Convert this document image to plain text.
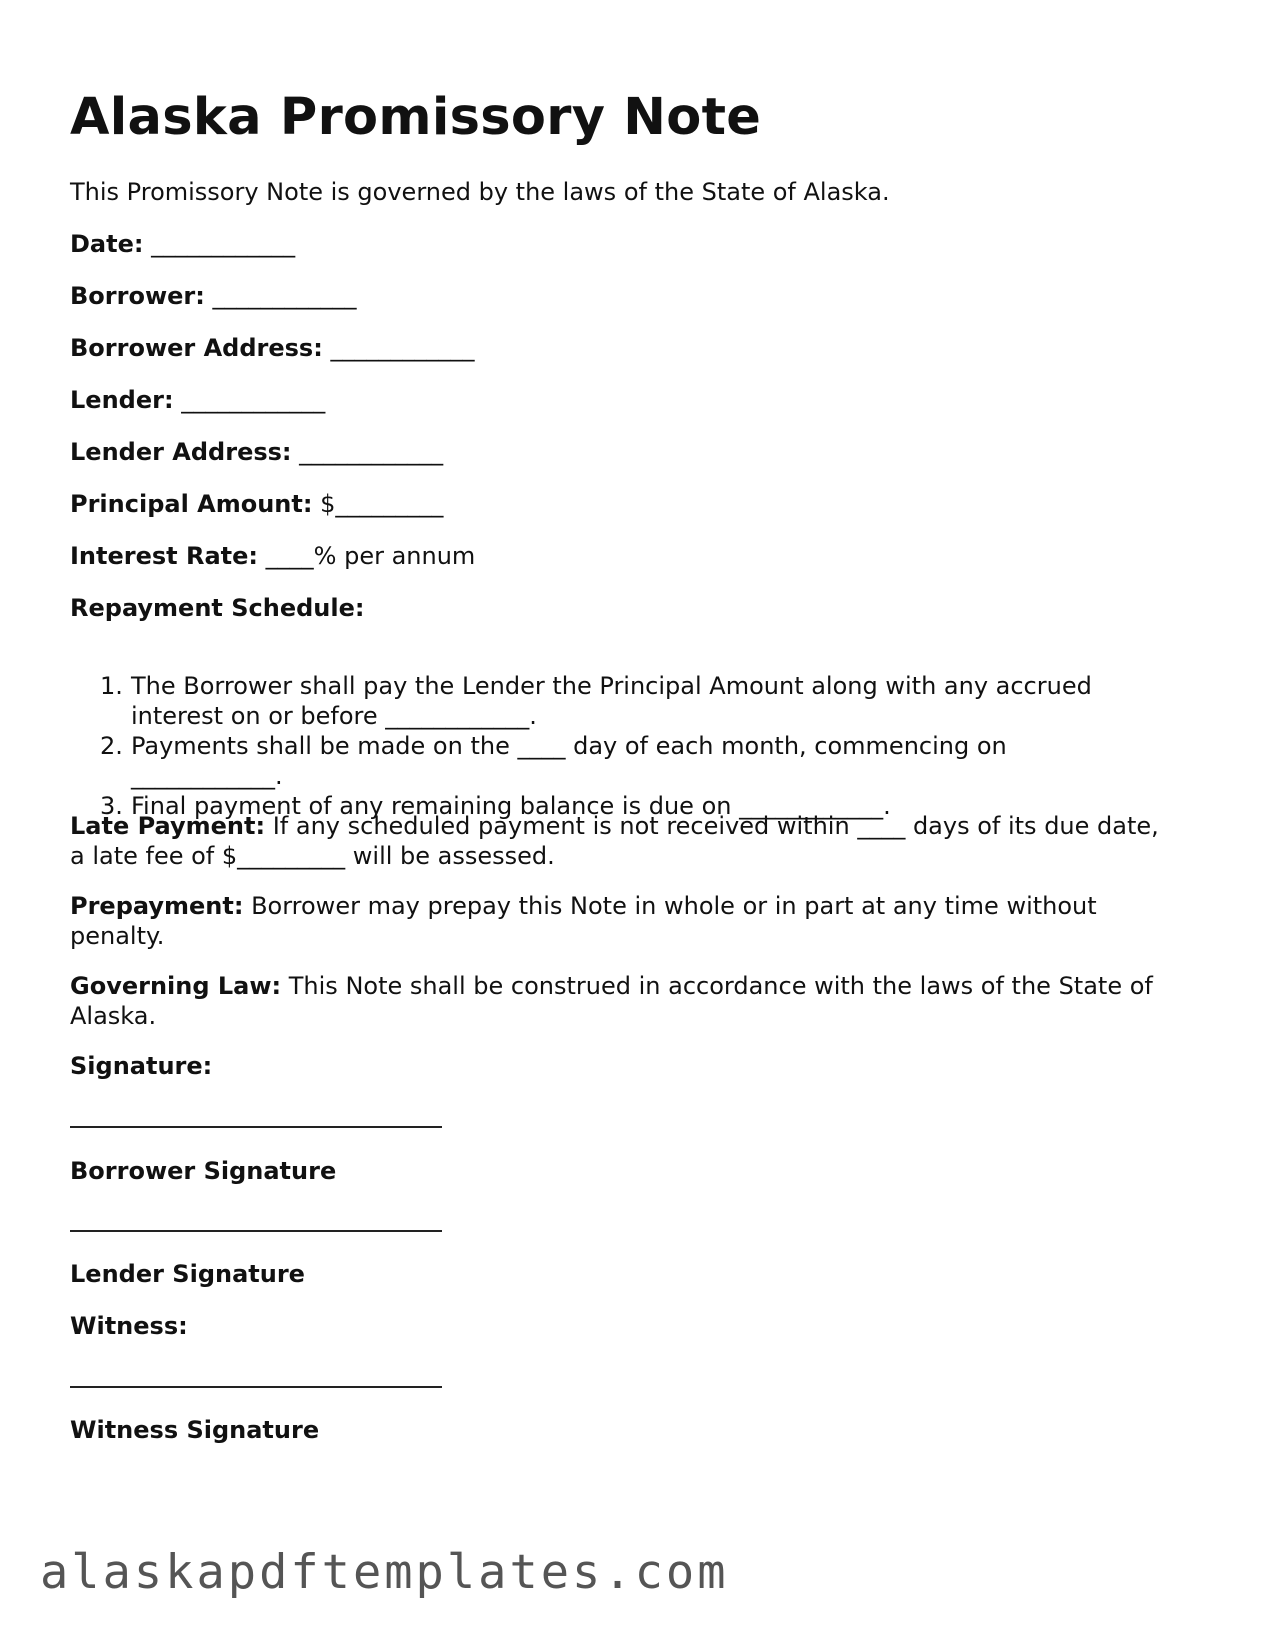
Alaska Promissory Note

This Promissory Note is governed by the laws of the State of Alaska.

Date: ____________

Borrower: ____________

Borrower Address: ____________

Lender: ____________

Lender Address: ____________

Principal Amount: $_________

Interest Rate: ____% per annum

Repayment Schedule:

1. The Borrower shall pay the Lender the Principal Amount along with any accrued
interest on or before ____________.
2. Payments shall be made on the ____ day of each month, commencing on
____________.
3. Final payment of any remaining balance is due on ____________.

Late Payment: If any scheduled payment is not received within ____ days of its due date,
a late fee of $_________ will be assessed.

Prepayment: Borrower may prepay this Note in whole or in part at any time without
penalty.

Governing Law: This Note shall be construed in accordance with the laws of the State of
Alaska.

Signature:

Borrower Signature

Lender Signature

Witness:

Witness Signature

alaskapdftemplates.com
